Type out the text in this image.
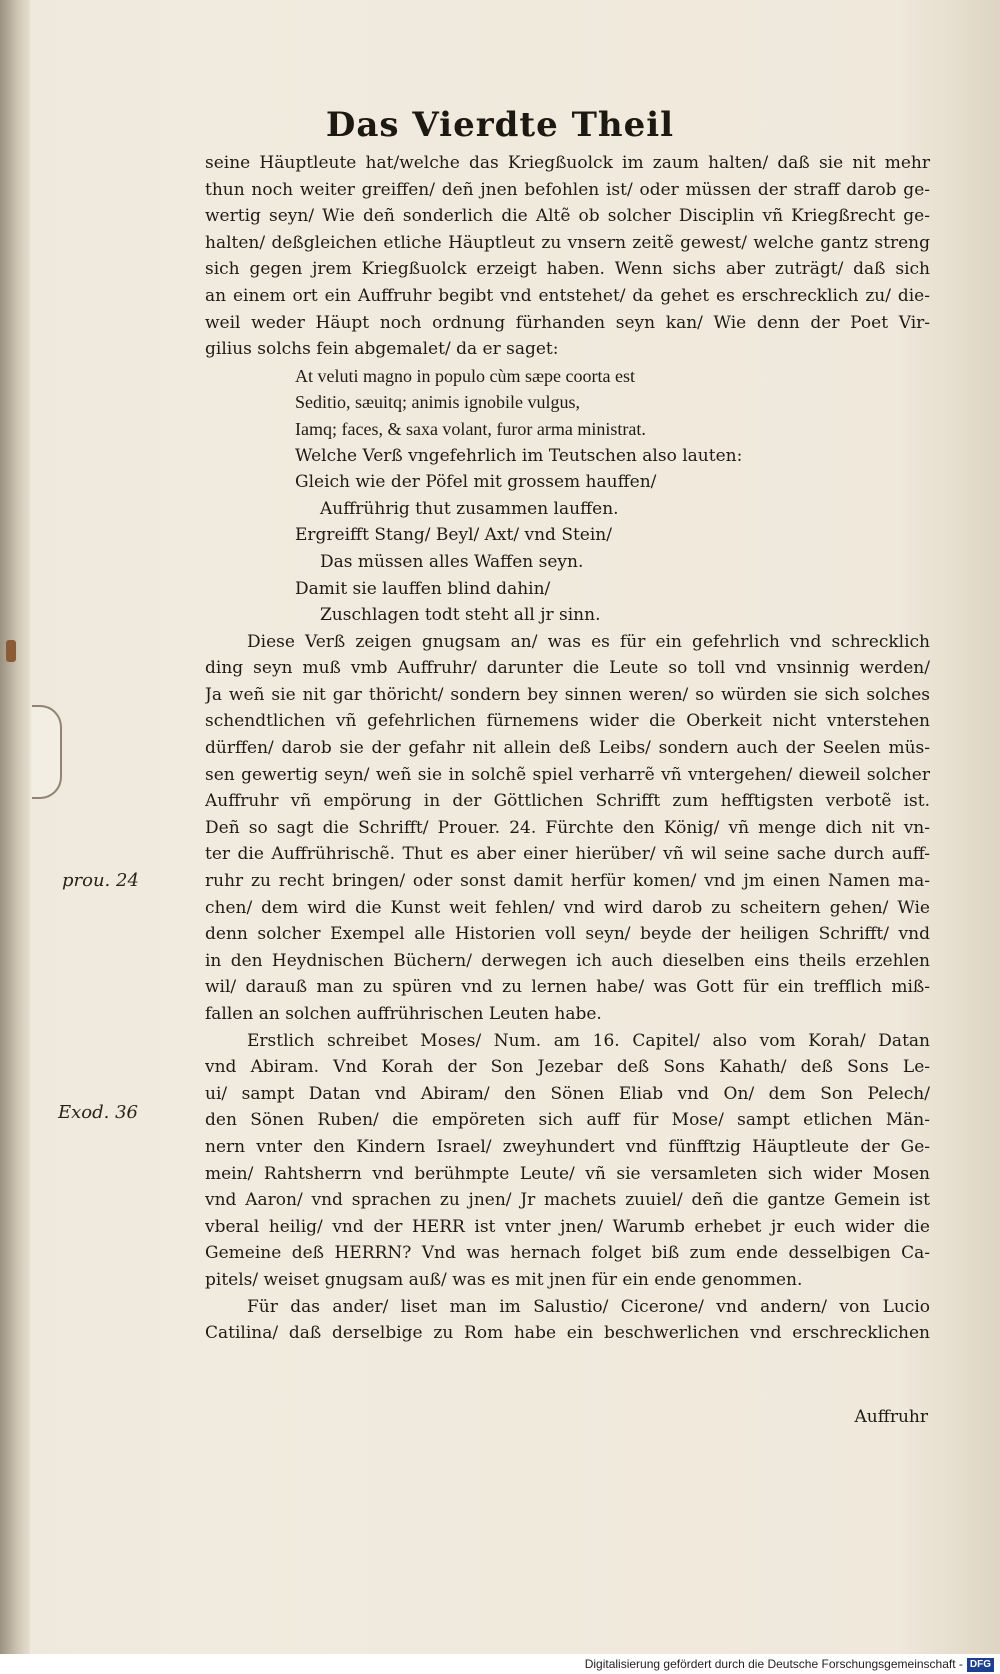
Das Vierdte Theil
seine Häuptleute hat/welche das Kriegßuolck im zaum halten/ daß sie nit mehr
thun noch weiter greiffen/ deñ jnen befohlen ist/ oder müssen der straff darob ge-
wertig seyn/ Wie deñ sonderlich die Altẽ ob solcher Disciplin vñ Kriegßrecht ge-
halten/ deßgleichen etliche Häuptleut zu vnsern zeitẽ gewest/ welche gantz streng
sich gegen jrem Kriegßuolck erzeigt haben. Wenn sichs aber zuträgt/ daß sich
an einem ort ein Auffruhr begibt vnd entstehet/ da gehet es erschrecklich zu/ die-
weil weder Häupt noch ordnung fürhanden seyn kan/ Wie denn der Poet Vir-
gilius solchs fein abgemalet/ da er saget:
At veluti magno in populo cùm sæpe coorta est
Seditio, sæuitq; animis ignobile vulgus,
Iamq; faces, & saxa volant, furor arma ministrat.
Welche Verß vngefehrlich im Teutschen also lauten:
Gleich wie der Pöfel mit grossem hauffen/
Auffrührig thut zusammen lauffen.
Ergreifft Stang/ Beyl/ Axt/ vnd Stein/
Das müssen alles Waffen seyn.
Damit sie lauffen blind dahin/
Zuschlagen todt steht all jr sinn.
Diese Verß zeigen gnugsam an/ was es für ein gefehrlich vnd schrecklich
ding seyn muß vmb Auffruhr/ darunter die Leute so toll vnd vnsinnig werden/
Ja weñ sie nit gar thöricht/ sondern bey sinnen weren/ so würden sie sich solches
schendtlichen vñ gefehrlichen fürnemens wider die Oberkeit nicht vnterstehen
dürffen/ darob sie der gefahr nit allein deß Leibs/ sondern auch der Seelen müs-
sen gewertig seyn/ weñ sie in solchẽ spiel verharrẽ vñ vntergehen/ dieweil solcher
Auffruhr vñ empörung in der Göttlichen Schrifft zum hefftigsten verbotẽ ist.
Deñ so sagt die Schrifft/ Prouer. 24. Fürchte den König/ vñ menge dich nit vn-
ter die Auffrührischẽ. Thut es aber einer hierüber/ vñ wil seine sache durch auff-
ruhr zu recht bringen/ oder sonst damit herfür komen/ vnd jm einen Namen ma-
chen/ dem wird die Kunst weit fehlen/ vnd wird darob zu scheitern gehen/ Wie
denn solcher Exempel alle Historien voll seyn/ beyde der heiligen Schrifft/ vnd
in den Heydnischen Büchern/ derwegen ich auch dieselben eins theils erzehlen
wil/ darauß man zu spüren vnd zu lernen habe/ was Gott für ein trefflich miß-
fallen an solchen auffrührischen Leuten habe.
Erstlich schreibet Moses/ Num. am 16. Capitel/ also vom Korah/ Datan
vnd Abiram. Vnd Korah der Son Jezebar deß Sons Kahath/ deß Sons Le-
ui/ sampt Datan vnd Abiram/ den Sönen Eliab vnd On/ dem Son Pelech/
den Sönen Ruben/ die empöreten sich auff für Mose/ sampt etlichen Män-
nern vnter den Kindern Israel/ zweyhundert vnd fünfftzig Häuptleute der Ge-
mein/ Rahtsherrn vnd berühmpte Leute/ vñ sie versamleten sich wider Mosen
vnd Aaron/ vnd sprachen zu jnen/ Jr machets zuuiel/ deñ die gantze Gemein ist
vberal heilig/ vnd der HERR ist vnter jnen/ Warumb erhebet jr euch wider die
Gemeine deß HERRN? Vnd was hernach folget biß zum ende desselbigen Ca-
pitels/ weiset gnugsam auß/ was es mit jnen für ein ende genommen.
Für das ander/ liset man im Salustio/ Cicerone/ vnd andern/ von Lucio
Catilina/ daß derselbige zu Rom habe ein beschwerlichen vnd erschrecklichen
prou. 24
Exod. 36
Auffruhr
Digitalisierung gefördert durch die Deutsche Forschungsgemeinschaft - DFG
